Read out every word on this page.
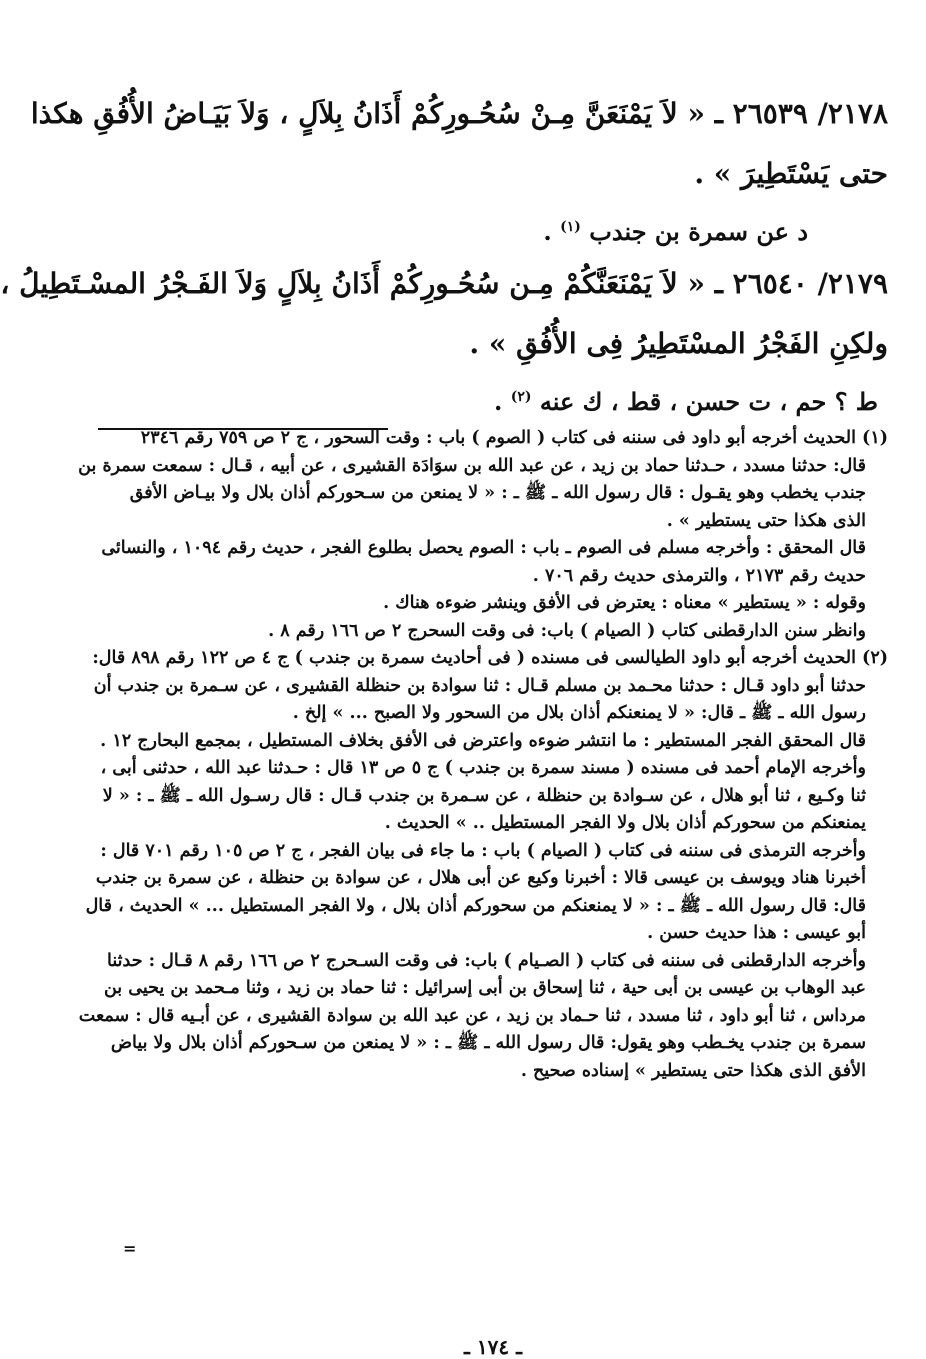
٢١٧٨/ ٢٦٥٣٩ ـ « لاَ يَمْنَعَنَّ مِـنْ سُحُـورِكُمْ أَذَانُ بِلاَلٍ ، وَلاَ بَيَـاضُ الأُفُقِ هكذا

حتى يَسْتَطِيرَ » .

د عن سمرة بن جندب $^{(١)}$ .

٢١٧٩/ ٢٦٥٤٠ ـ « لاَ يَمْنَعَنَّكُمْ مِـن سُحُـورِكُمْ أَذَانُ بِلاَلٍ وَلاَ الفَـجْرُ المسْـتَطِيلُ ،

ولكِنِ الفَجْرُ المسْتَطِيرُ فِى الأُفُقِ » .

ط ؟ حم ، ت حسن ، قط ، ك عنه $^{(٢)}$ .

(١) الحديث أخرجه أبو داود فى سننه فى كتاب ( الصوم ) باب : وقت السحور ، ج ٢ ص ٧٥٩ رقم ٢٣٤٦

قال: حدثنا مسدد ، حـدثنا حماد بن زيد ، عن عبد الله بن سوَادَة القشيرى ، عن أبيه ، قـال : سمعت سمرة بن

جندب يخطب وهو يقـول : قال رسول الله ـ ﷺ ـ : « لا يمنعن من سـحوركم أذان بلال ولا بيـاض الأفق

الذى هكذا حتى يستطير » .

قال المحقق : وأخرجه مسلم فى الصوم ـ باب : الصوم يحصل بطلوع الفجر ، حديث رقم ١٠٩٤ ، والنسائى

حديث رقم ٢١٧٣ ، والترمذى حديث رقم ٧٠٦ .

وقوله : « يستطير » معناه : يعترض فى الأفق وينشر ضوءه هناك .

وانظر سنن الدارقطنى كتاب ( الصيام ) باب: فى وقت السحرج ٢ ص ١٦٦ رقم ٨ .

(٢) الحديث أخرجه أبو داود الطيالسى فى مسنده ( فى أحاديث سمرة بن جندب ) ج ٤ ص ١٢٢ رقم ٨٩٨ قال:

حدثنا أبو داود قـال : حدثنا محـمد بن مسلم قـال : ثنا سوادة بن حنظلة القشيرى ، عن سـمرة بن جندب أن

رسول الله ـ ﷺ ـ قال: « لا يمنعنكم أذان بلال من السحور ولا الصبح ... » إلخ .

قال المحقق الفجر المستطير : ما انتشر ضوءه واعترض فى الأفق بخلاف المستطيل ، بمجمع البحارج ١٢ .

وأخرجه الإمام أحمد فى مسنده ( مسند سمرة بن جندب ) ج ٥ ص ١٣ قال : حـدثنا عبد الله ، حدثنى أبى ،

ثنا وكـيع ، ثنا أبو هلال ، عن سـوادة بن حنظلة ، عن سـمرة بن جندب قـال : قال رسـول الله ـ ﷺ ـ : « لا

يمنعنكم من سحوركم أذان بلال ولا الفجر المستطيل .. » الحديث .

وأخرجه الترمذى فى سننه فى كتاب ( الصيام ) باب : ما جاء فى بيان الفجر ، ج ٢ ص ١٠٥ رقم ٧٠١ قال :

أخبرنا هناد ويوسف بن عيسى قالا : أخبرنا وكيع عن أبى هلال ، عن سوادة بن حنظلة ، عن سمرة بن جندب

قال: قال رسول الله ـ ﷺ ـ : « لا يمنعنكم من سحوركم أذان بلال ، ولا الفجر المستطيل ... » الحديث ، قال

أبو عيسى : هذا حديث حسن .

وأخرجه الدارقطنى فى سننه فى كتاب ( الصـيام ) باب: فى وقت السـحرج ٢ ص ١٦٦ رقم ٨ قـال : حدثنا

عبد الوهاب بن عيسى بن أبى حية ، ثنا إسحاق بن أبى إسرائيل : ثنا حماد بن زيد ، وثنا مـحمد بن يحيى بن

مرداس ، ثنا أبو داود ، ثنا مسدد ، ثنا حـماد بن زيد ، عن عبد الله بن سوادة القشيرى ، عن أبـيه قال : سمعت

سمرة بن جندب يخـطب وهو يقول: قال رسول الله ـ ﷺ ـ : « لا يمنعن من سـحوركم أذان بلال ولا بياض

الأفق الذى هكذا حتى يستطير » إسناده صحيح .

=
ـ ١٧٤ ـ
